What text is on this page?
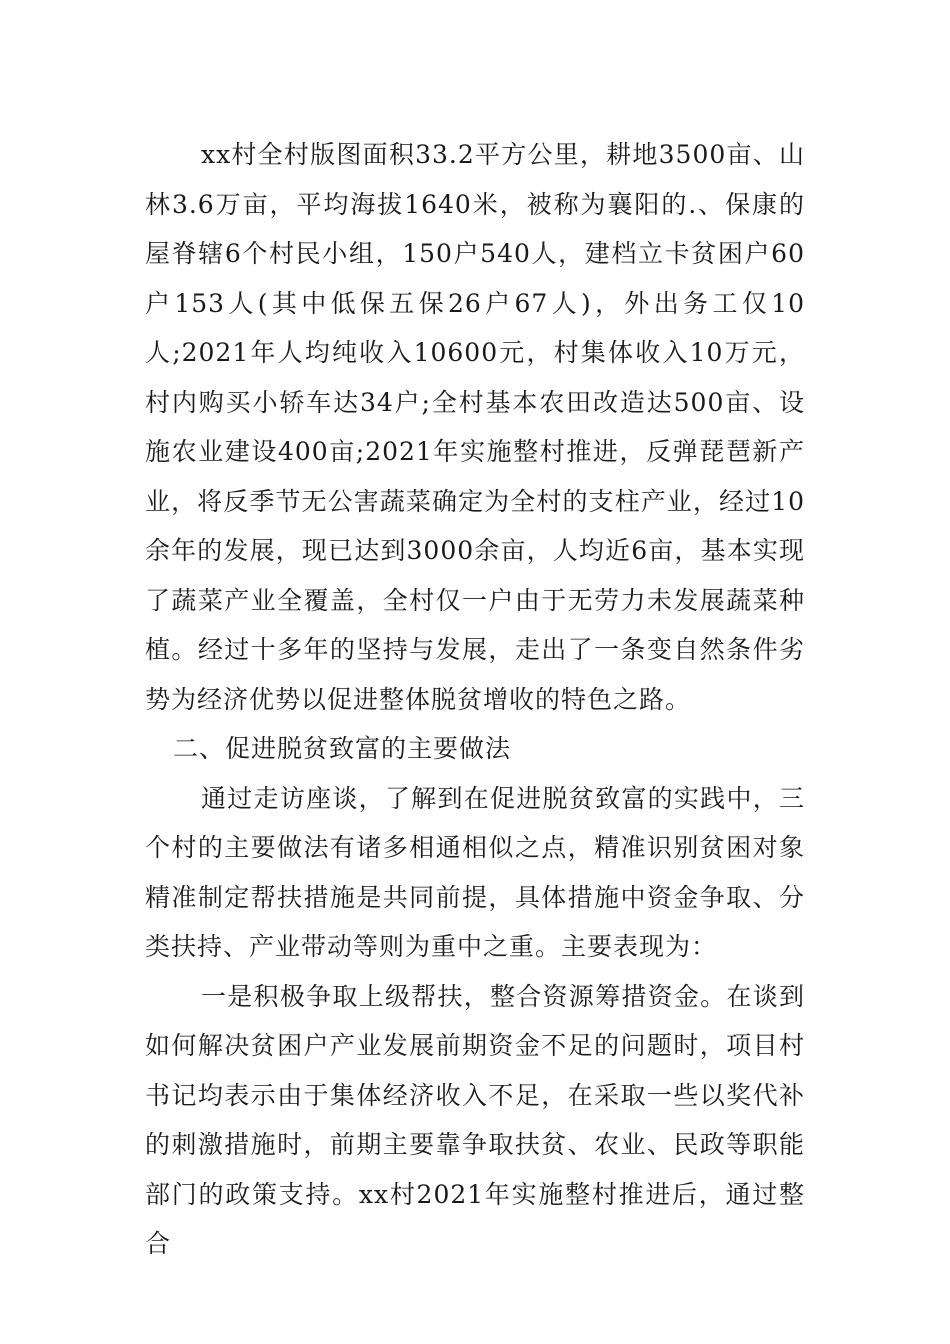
xx村全村版图面积33.2平方公里，耕地3500亩、山林3.6万亩，平均海拔1640米，被称为襄阳的.、保康的屋脊辖6个村民小组，150户540人，建档立卡贫困户60户153人(其中低保五保26户67人)，外出务工仅10人;2021年人均纯收入10600元，村集体收入10万元，村内购买小轿车达34户;全村基本农田改造达500亩、设施农业建设400亩;2021年实施整村推进，反弹琵琶新产业，将反季节无公害蔬菜确定为全村的支柱产业，经过10余年的发展，现已达到3000余亩，人均近6亩，基本实现了蔬菜产业全覆盖，全村仅一户由于无劳力未发展蔬菜种植。经过十多年的坚持与发展，走出了一条变自然条件劣势为经济优势以促进整体脱贫增收的特色之路。

二、促进脱贫致富的主要做法

通过走访座谈，了解到在促进脱贫致富的实践中，三个村的主要做法有诸多相通相似之点，精准识别贫困对象精准制定帮扶措施是共同前提，具体措施中资金争取、分类扶持、产业带动等则为重中之重。主要表现为：

一是积极争取上级帮扶，整合资源筹措资金。在谈到如何解决贫困户产业发展前期资金不足的问题时，项目村书记均表示由于集体经济收入不足，在采取一些以奖代补的刺激措施时，前期主要靠争取扶贫、农业、民政等职能部门的政策支持。xx村2021年实施整村推进后，通过整合
